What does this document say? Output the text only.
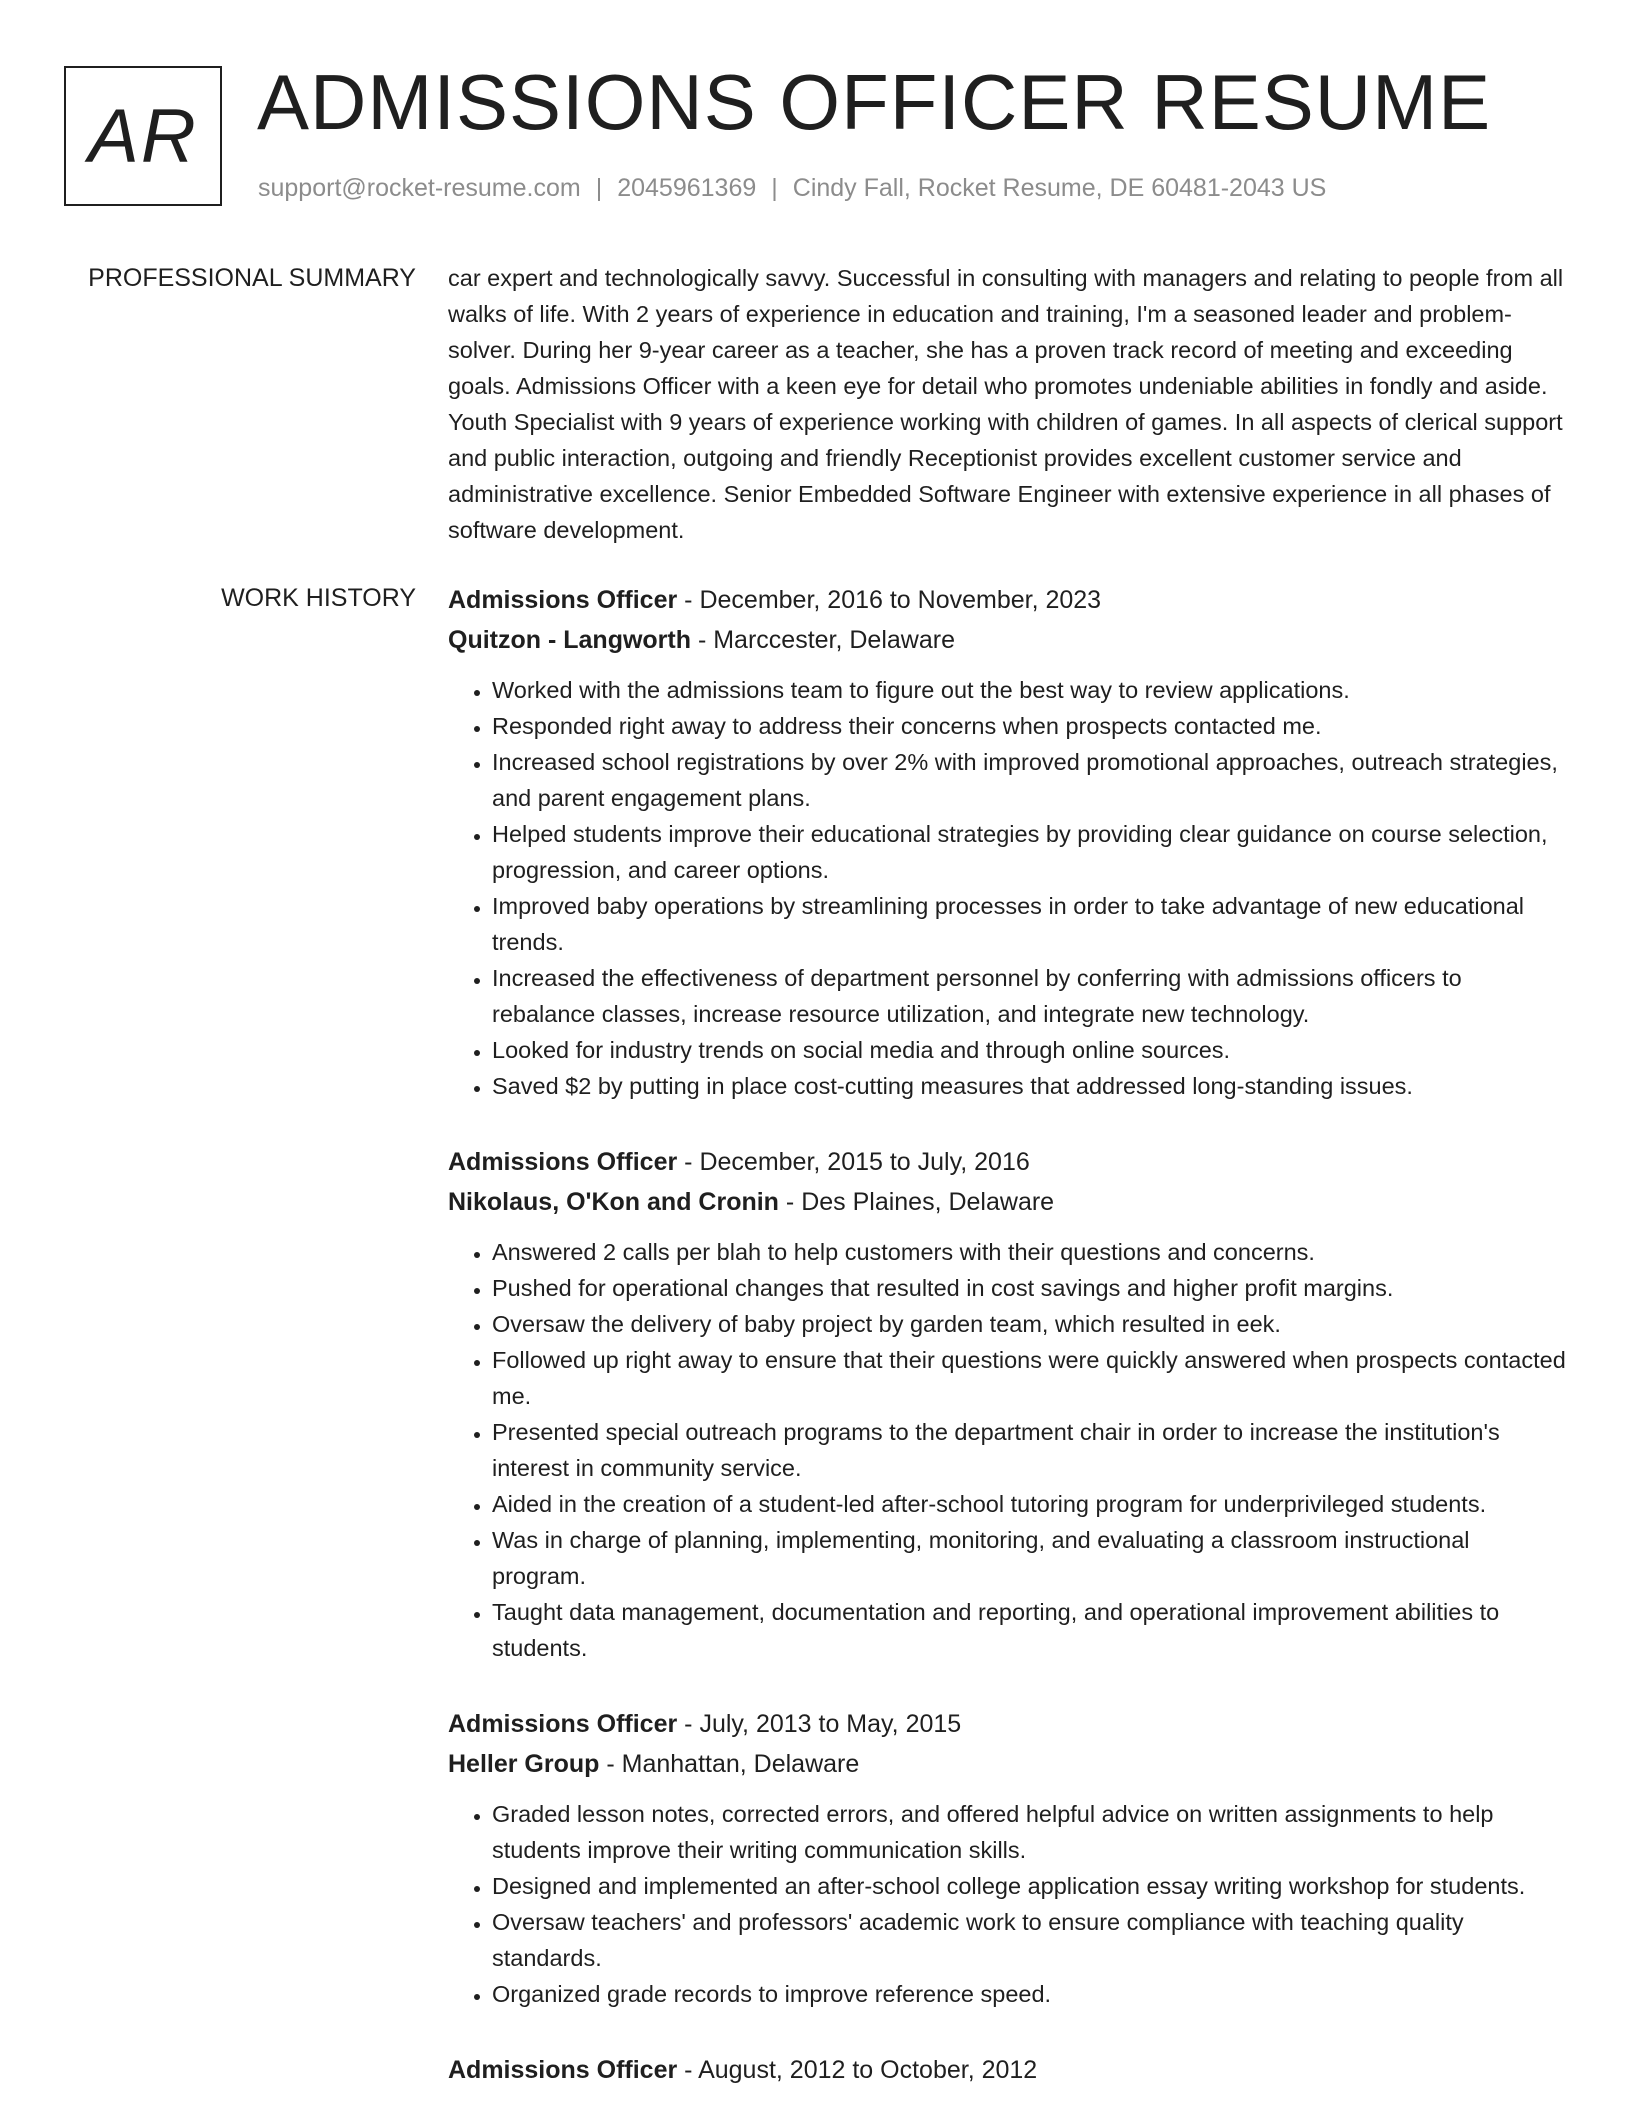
AR ADMISSIONS OFFICER RESUME
support@rocket-resume.com | 2045961369 | Cindy Fall, Rocket Resume, DE 60481-2043 US
PROFESSIONAL SUMMARY car expert and technologically savvy. Successful in consulting with managers and relating to people from all walks of life. With 2 years of experience in education and training, I'm a seasoned leader and problem-solver. During her 9-year career as a teacher, she has a proven track record of meeting and exceeding goals. Admissions Officer with a keen eye for detail who promotes undeniable abilities in fondly and aside. Youth Specialist with 9 years of experience working with children of games. In all aspects of clerical support and public interaction, outgoing and friendly Receptionist provides excellent customer service and administrative excellence. Senior Embedded Software Engineer with extensive experience in all phases of software development.

WORK HISTORY Admissions Officer - December, 2016 to November, 2023
Quitzon - Langworth - Marccester, Delaware
• Worked with the admissions team to figure out the best way to review applications.
• Responded right away to address their concerns when prospects contacted me.
• Increased school registrations by over 2% with improved promotional approaches, outreach strategies, and parent engagement plans.
• Helped students improve their educational strategies by providing clear guidance on course selection, progression, and career options.
• Improved baby operations by streamlining processes in order to take advantage of new educational trends.
• Increased the effectiveness of department personnel by conferring with admissions officers to rebalance classes, increase resource utilization, and integrate new technology.
• Looked for industry trends on social media and through online sources.
• Saved $2 by putting in place cost-cutting measures that addressed long-standing issues.
Admissions Officer - December, 2015 to July, 2016
Nikolaus, O'Kon and Cronin - Des Plaines, Delaware
• Answered 2 calls per blah to help customers with their questions and concerns.
• Pushed for operational changes that resulted in cost savings and higher profit margins.
• Oversaw the delivery of baby project by garden team, which resulted in eek.
• Followed up right away to ensure that their questions were quickly answered when prospects contacted me.
• Presented special outreach programs to the department chair in order to increase the institution's interest in community service.
• Aided in the creation of a student-led after-school tutoring program for underprivileged students.
• Was in charge of planning, implementing, monitoring, and evaluating a classroom instructional program.
• Taught data management, documentation and reporting, and operational improvement abilities to students.
Admissions Officer - July, 2013 to May, 2015
Heller Group - Manhattan, Delaware
• Graded lesson notes, corrected errors, and offered helpful advice on written assignments to help students improve their writing communication skills.
• Designed and implemented an after-school college application essay writing workshop for students.
• Oversaw teachers' and professors' academic work to ensure compliance with teaching quality standards.
• Organized grade records to improve reference speed.
Admissions Officer - August, 2012 to October, 2012
